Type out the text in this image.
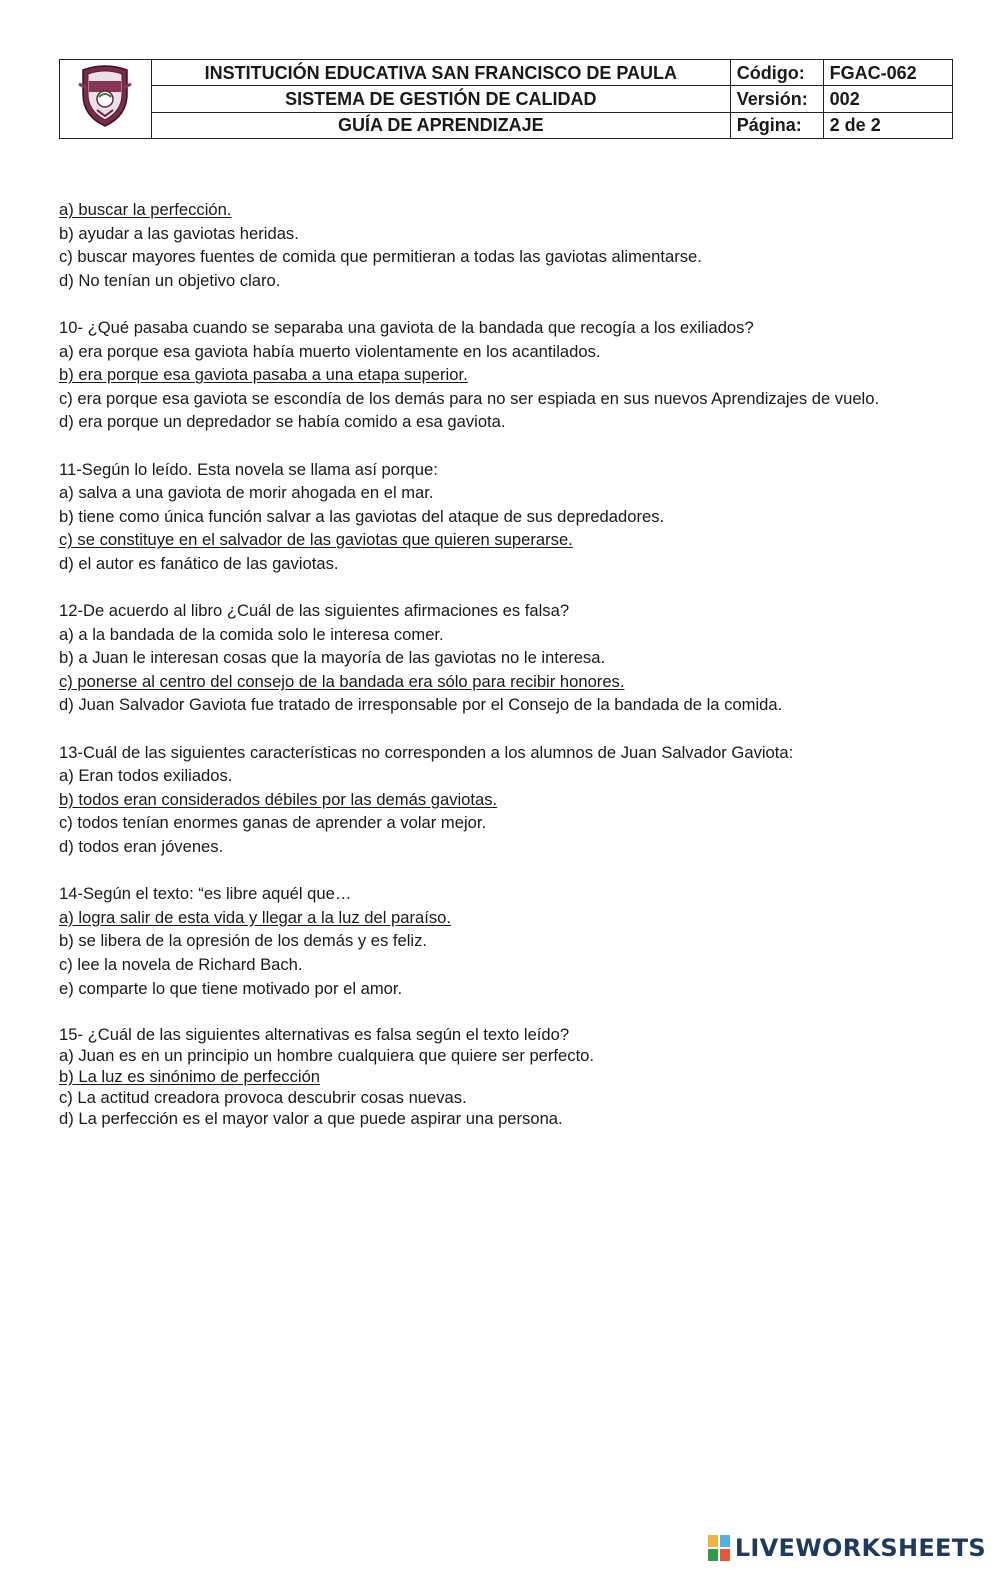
	INSTITUCIÓN EDUCATIVA SAN FRANCISCO DE PAULA	Código:	FGAC-062
	SISTEMA DE GESTIÓN DE CALIDAD	Versión:	002
	GUÍA DE APRENDIZAJE	Página:	2 de 2

a) buscar la perfección.

b) ayudar a las gaviotas heridas.

c) buscar mayores fuentes de comida que permitieran a todas las gaviotas alimentarse.

d) No tenían un objetivo claro.

10- ¿Qué pasaba cuando se separaba una gaviota de la bandada que recogía a los exiliados?

a) era porque esa gaviota había muerto violentamente en los acantilados.

b) era porque esa gaviota pasaba a una etapa superior.

c) era porque esa gaviota se escondía de los demás para no ser espiada en sus nuevos Aprendizajes de vuelo.

d) era porque un depredador se había comido a esa gaviota.

11-Según lo leído. Esta novela se llama así porque:

a) salva a una gaviota de morir ahogada en el mar.

b) tiene como única función salvar a las gaviotas del ataque de sus depredadores.

c) se constituye en el salvador de las gaviotas que quieren superarse.

d) el autor es fanático de las gaviotas.

12-De acuerdo al libro ¿Cuál de las siguientes afirmaciones es falsa?

a) a la bandada de la comida solo le interesa comer.

b) a Juan le interesan cosas que la mayoría de las gaviotas no le interesa.

c) ponerse al centro del consejo de la bandada era sólo para recibir honores.

d) Juan Salvador Gaviota fue tratado de irresponsable por el Consejo de la bandada de la comida.

13-Cuál de las siguientes características no corresponden a los alumnos de Juan Salvador Gaviota:

a) Eran todos exiliados.

b) todos eran considerados débiles por las demás gaviotas.

c) todos tenían enormes ganas de aprender a volar mejor.

d) todos eran jóvenes.

14-Según el texto: “es libre aquél que…

a) logra salir de esta vida y llegar a la luz del paraíso.

b) se libera de la opresión de los demás y es feliz.

c) lee la novela de Richard Bach.

e) comparte lo que tiene motivado por el amor.

15- ¿Cuál de las siguientes alternativas es falsa según el texto leído?

a) Juan es en un principio un hombre cualquiera que quiere ser perfecto.

b) La luz es sinónimo de perfección

c) La actitud creadora provoca descubrir cosas nuevas.

d) La perfección es el mayor valor a que puede aspirar una persona.

LIVEWORKSHEETS
